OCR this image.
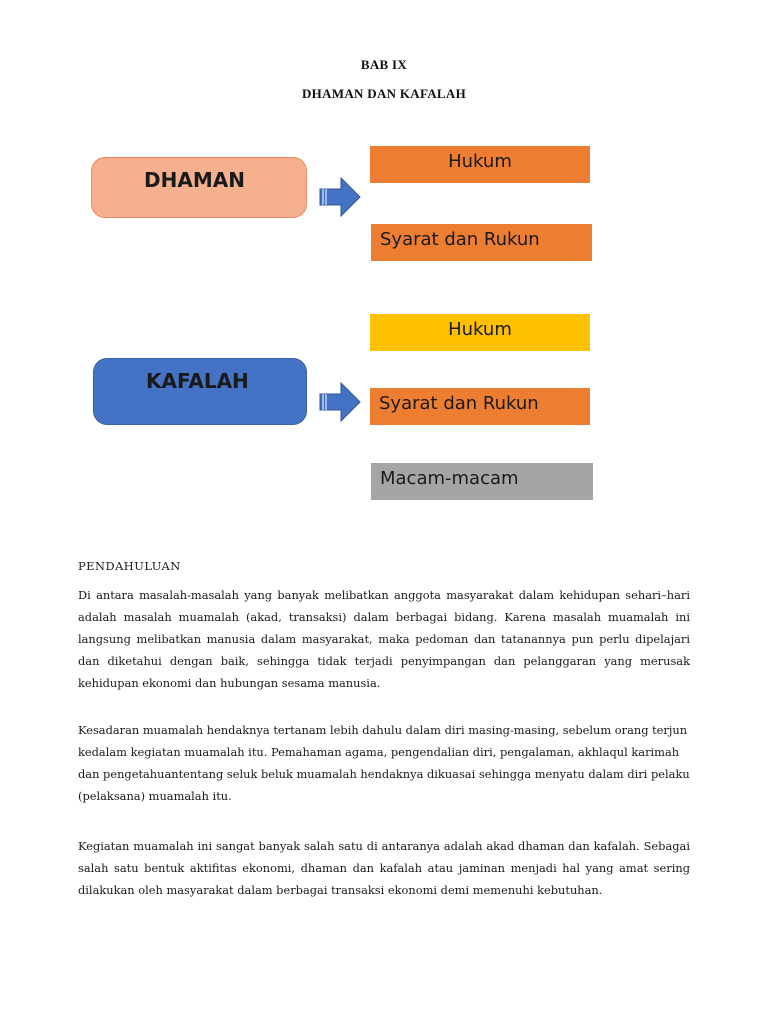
BAB IX
DHAMAN DAN KAFALAH
DHAMAN
Hukum
Syarat dan Rukun
Hukum
KAFALAH
Syarat dan Rukun
Macam-macam
PENDAHULUAN
Di antara masalah-masalah yang banyak melibatkan anggota masyarakat dalam kehidupan sehari–hari adalah masalah muamalah (akad, transaksi) dalam berbagai bidang. Karena masalah muamalah ini langsung melibatkan manusia dalam masyarakat, maka pedoman dan tatanannya pun perlu dipelajari dan diketahui dengan baik, sehingga tidak terjadi penyimpangan dan pelanggaran yang merusak kehidupan ekonomi dan hubungan sesama manusia.
Kesadaran muamalah hendaknya tertanam lebih dahulu dalam diri masing-masing, sebelum orang terjun kedalam kegiatan muamalah itu. Pemahaman agama, pengendalian diri, pengalaman, akhlaqul karimah dan pengetahuantentang seluk beluk muamalah hendaknya dikuasai sehingga menyatu dalam diri pelaku (pelaksana) muamalah itu.
Kegiatan muamalah ini sangat banyak salah satu di antaranya adalah akad dhaman dan kafalah. Sebagai salah satu bentuk aktifitas ekonomi, dhaman dan kafalah atau jaminan menjadi hal yang amat sering dilakukan oleh masyarakat dalam berbagai transaksi ekonomi demi memenuhi kebutuhan.
